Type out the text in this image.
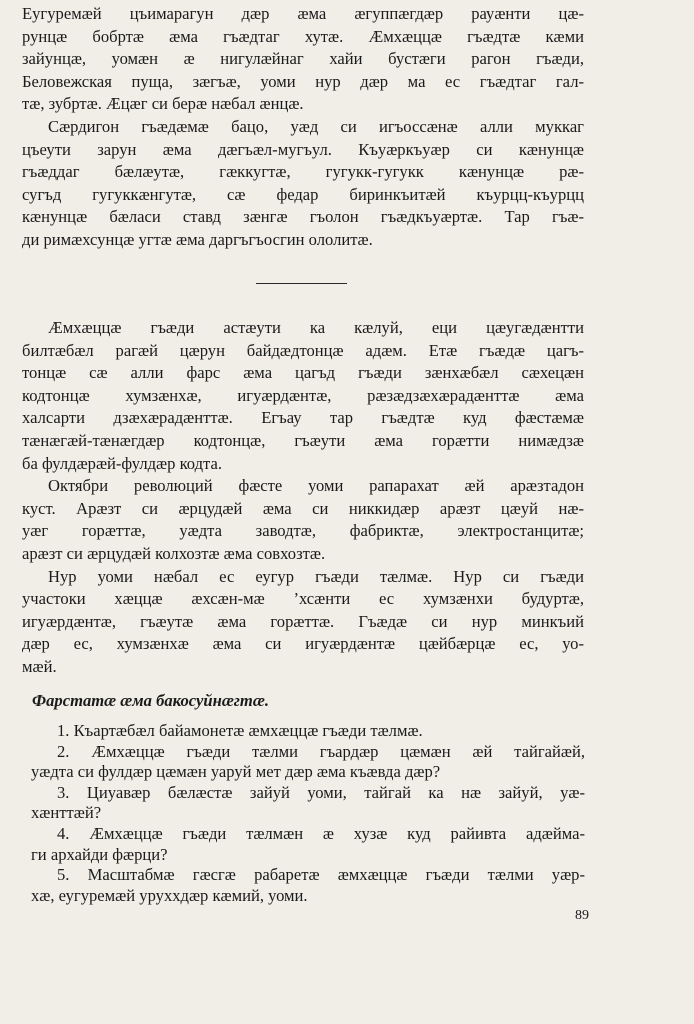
Еугуремæй цъимарагун дæр æма æгуппæгдæр рауæнти цæ-
рунцæ бобртæ æма гъæдтаг хутæ. Æмхæццæ гъæдтæ кæми
зайунцæ, уомæн æ нигулæйнаг хайи бустæги рагон гъæди,
Беловежская пуща, зæгъæ, уоми нур дæр ма ес гъæдтаг гал-
тæ, зубртæ. Æцæг си берæ нæбал æнцæ.

Сæрдигон гъæдæмæ бацо, уæд си игъоссæнæ алли муккаг
цъеути зарун æма дæгъæл-мугъул. Къуæркъуæр си кæнунцæ
гъæддаг бæлæутæ, гæккугтæ, гугукк-гугукк кæнунцæ рæ-
сугъд гугуккæнгутæ, сæ федар биринкъитæй къурцц-къурцц
кæнунцæ бæласи ставд зæнгæ гъолон гъæдкъуæртæ. Тар гъæ-
ди римæхсунцæ угтæ æма даргъгъосгин ололитæ.

Æмхæццæ гъæди астæути ка кæлуй, еци цæугæдæнтти
билтæбæл рагæй цæрун байдæдтонцæ адæм. Етæ гъæдæ цагъ-
тонцæ сæ алли фарс æма цагъд гъæди зæнхæбæл сæхецæн
кодтонцæ хумзæнхæ, игуæрдæнтæ, рæзæдзæхæрадæнттæ æма
халсарти дзæхæрадæнттæ. Егъау тар гъæдтæ куд фæстæмæ
тæнæгæй-тæнæгдæр кодтонцæ, гъæути æма горæтти нимæдзæ
ба фулдæрæй-фулдæр кодта.

Октябри революций фæсте уоми рапарахат æй арæзтадон
куст. Арæзт си æрцудæй æма си никкидæр арæзт цæуй нæ-
уæг горæттæ, уæдта заводтæ, фабриктæ, электростанцитæ;
арæзт си æрцудæй колхозтæ æма совхозтæ.

Нур уоми нæбал ес еугур гъæди тæлмæ. Нур си гъæди
участоки хæццæ æхсæн-мæ ’хсæнти ес хумзæнхи будуртæ,
игуæрдæнтæ, гъæутæ æма горæттæ. Гъæдæ си нур минкъий
дæр ес, хумзæнхæ æма си игуæрдæнтæ цæйбæрцæ ес, уо-
мæй.

Фарстатæ æма бакосуйнæгтæ.

1. Къартæбæл байамонетæ æмхæццæ гъæди тæлмæ.

2. Æмхæццæ гъæди тæлми гъардæр цæмæн æй тайгайæй,
уæдта си фулдæр цæмæн уаруй мет дæр æма къæвда дæр?

3. Циуавæр бæлæстæ зайуй уоми, тайгай ка нæ зайуй, уæ-
хæнттæй?

4. Æмхæццæ гъæди тæлмæн æ хузæ куд райивта адæйма-
ги архайди фæрци?

5. Масштабмæ гæсгæ рабаретæ æмхæццæ гъæди тæлми уæр-
хæ, еугуремæй уруххдæр кæмий, уоми.

89
